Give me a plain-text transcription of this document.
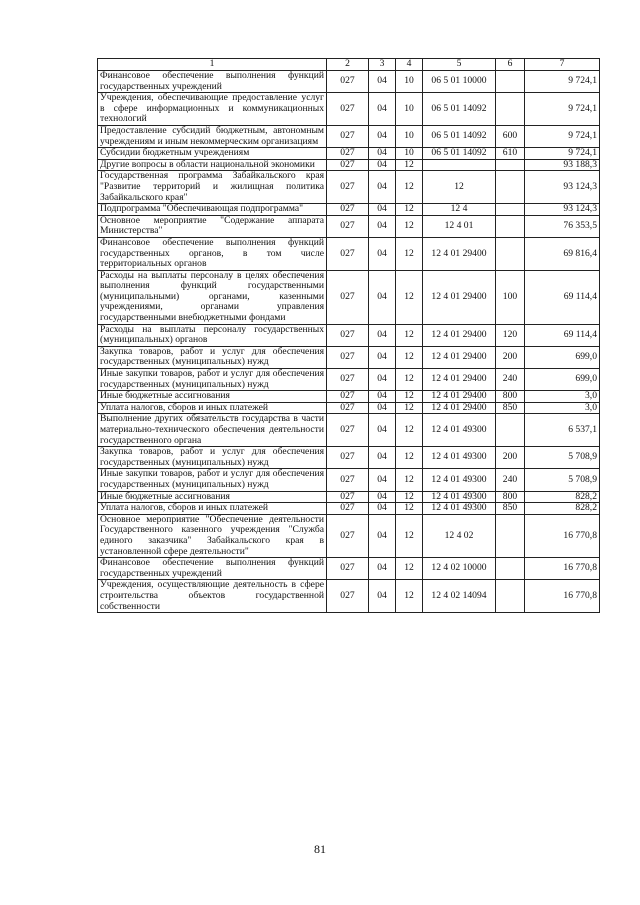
1	2	3	4	5	6	7
Финансовое обеспечение выполнения функций государственных учреждений	027	04	10	06 5 01 10000		9 724,1
Учреждения, обеспечивающие предоставление услуг в сфере информационных и коммуникационных технологий	027	04	10	06 5 01 14092		9 724,1
Предоставление субсидий бюджетным, автономным учреждениям и иным некоммерческим организациям	027	04	10	06 5 01 14092	600	9 724,1
Субсидии бюджетным учреждениям	027	04	10	06 5 01 14092	610	9 724,1
Другие вопросы в области национальной экономики	027	04	12			93 188,3
Государственная программа Забайкальского края "Развитие территорий и жилищная политика Забайкальского края"	027	04	12	12		93 124,3
Подпрограмма "Обеспечивающая подпрограмма"	027	04	12	12 4		93 124,3
Основное мероприятие "Содержание аппарата Министерства"	027	04	12	12 4 01		76 353,5
Финансовое обеспечение выполнения функций государственных органов, в том числе территориальных органов	027	04	12	12 4 01 29400		69 816,4
Расходы на выплаты персоналу в целях обеспечения выполнения функций государственными (муниципальными) органами, казенными учреждениями, органами управления государственными внебюджетными фондами	027	04	12	12 4 01 29400	100	69 114,4
Расходы на выплаты персоналу государственных (муниципальных) органов	027	04	12	12 4 01 29400	120	69 114,4
Закупка товаров, работ и услуг для обеспечения государственных (муниципальных) нужд	027	04	12	12 4 01 29400	200	699,0
Иные закупки товаров, работ и услуг для обеспечения государственных (муниципальных) нужд	027	04	12	12 4 01 29400	240	699,0
Иные бюджетные ассигнования	027	04	12	12 4 01 29400	800	3,0
Уплата налогов, сборов и иных платежей	027	04	12	12 4 01 29400	850	3,0
Выполнение других обязательств государства в части материально-технического обеспечения деятельности государственного органа	027	04	12	12 4 01 49300		6 537,1
Закупка товаров, работ и услуг для обеспечения государственных (муниципальных) нужд	027	04	12	12 4 01 49300	200	5 708,9
Иные закупки товаров, работ и услуг для обеспечения государственных (муниципальных) нужд	027	04	12	12 4 01 49300	240	5 708,9
Иные бюджетные ассигнования	027	04	12	12 4 01 49300	800	828,2
Уплата налогов, сборов и иных платежей	027	04	12	12 4 01 49300	850	828,2
Основное мероприятие "Обеспечение деятельности Государственного казенного учреждения "Служба единого заказчика" Забайкальского края в установленной сфере деятельности"	027	04	12	12 4 02		16 770,8
Финансовое обеспечение выполнения функций государственных учреждений	027	04	12	12 4 02 10000		16 770,8
Учреждения, осуществляющие деятельность в сфере строительства объектов государственной собственности	027	04	12	12 4 02 14094		16 770,8
81
